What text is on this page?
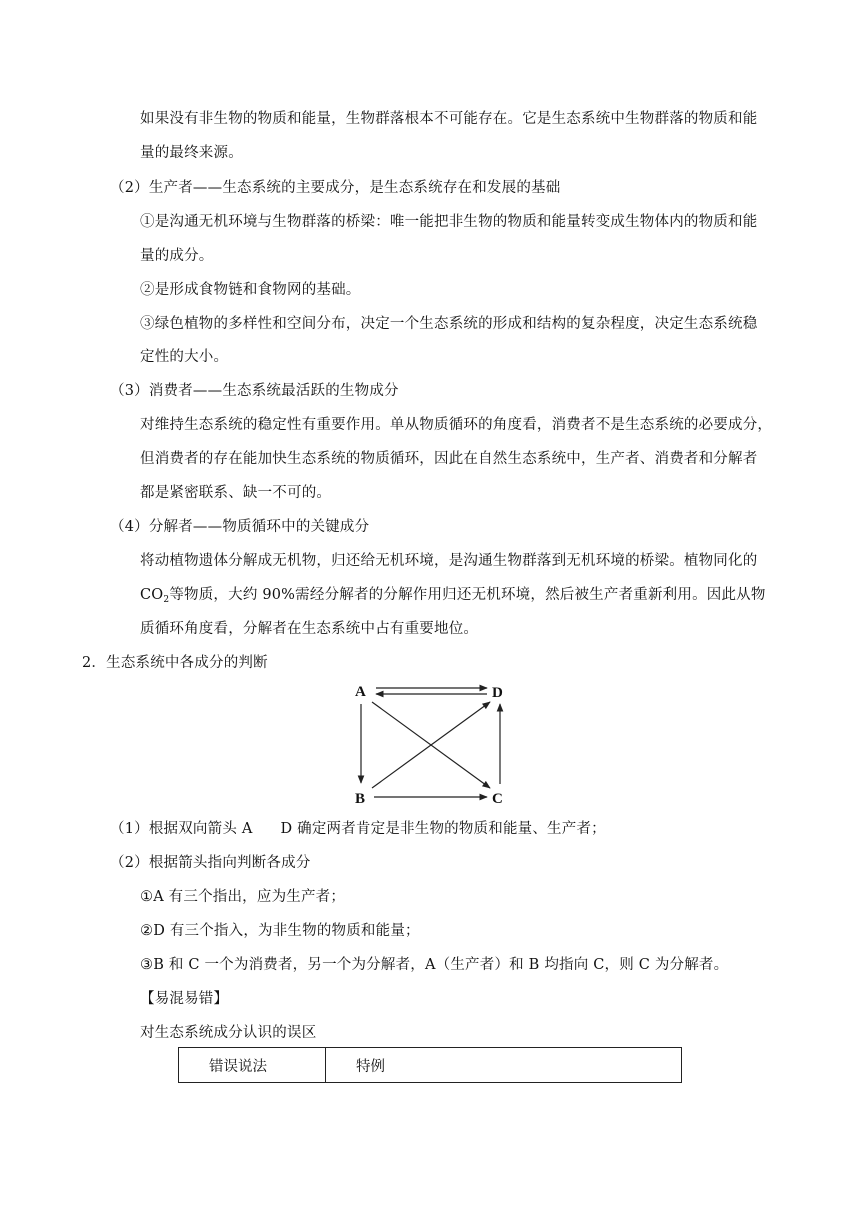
如果没有非生物的物质和能量，生物群落根本不可能存在。它是生态系统中生物群落的物质和能
量的最终来源。
（2）生产者——生态系统的主要成分，是生态系统存在和发展的基础
①是沟通无机环境与生物群落的桥梁：唯一能把非生物的物质和能量转变成生物体内的物质和能
量的成分。
②是形成食物链和食物网的基础。
③绿色植物的多样性和空间分布，决定一个生态系统的形成和结构的复杂程度，决定生态系统稳
定性的大小。
（3）消费者——生态系统最活跃的生物成分
对维持生态系统的稳定性有重要作用。单从物质循环的角度看，消费者不是生态系统的必要成分，
但消费者的存在能加快生态系统的物质循环，因此在自然生态系统中，生产者、消费者和分解者
都是紧密联系、缺一不可的。
（4）分解者——物质循环中的关键成分
将动植物遗体分解成无机物，归还给无机环境，是沟通生物群落到无机环境的桥梁。植物同化的
$CO_2$等物质，大约 90%需经分解者的分解作用归还无机环境，然后被生产者重新利用。因此从物
质循环角度看，分解者在生态系统中占有重要地位。
2．生态系统中各成分的判断
A	D
B	C
（1）根据双向箭头 A D 确定两者肯定是非生物的物质和能量、生产者；
（2）根据箭头指向判断各成分
①A 有三个指出，应为生产者；
②D 有三个指入，为非生物的物质和能量；
③B 和 C 一个为消费者，另一个为分解者，A（生产者）和 B 均指向 C，则 C 为分解者。
【易混易错】
对生态系统成分认识的误区
错误说法	特例
